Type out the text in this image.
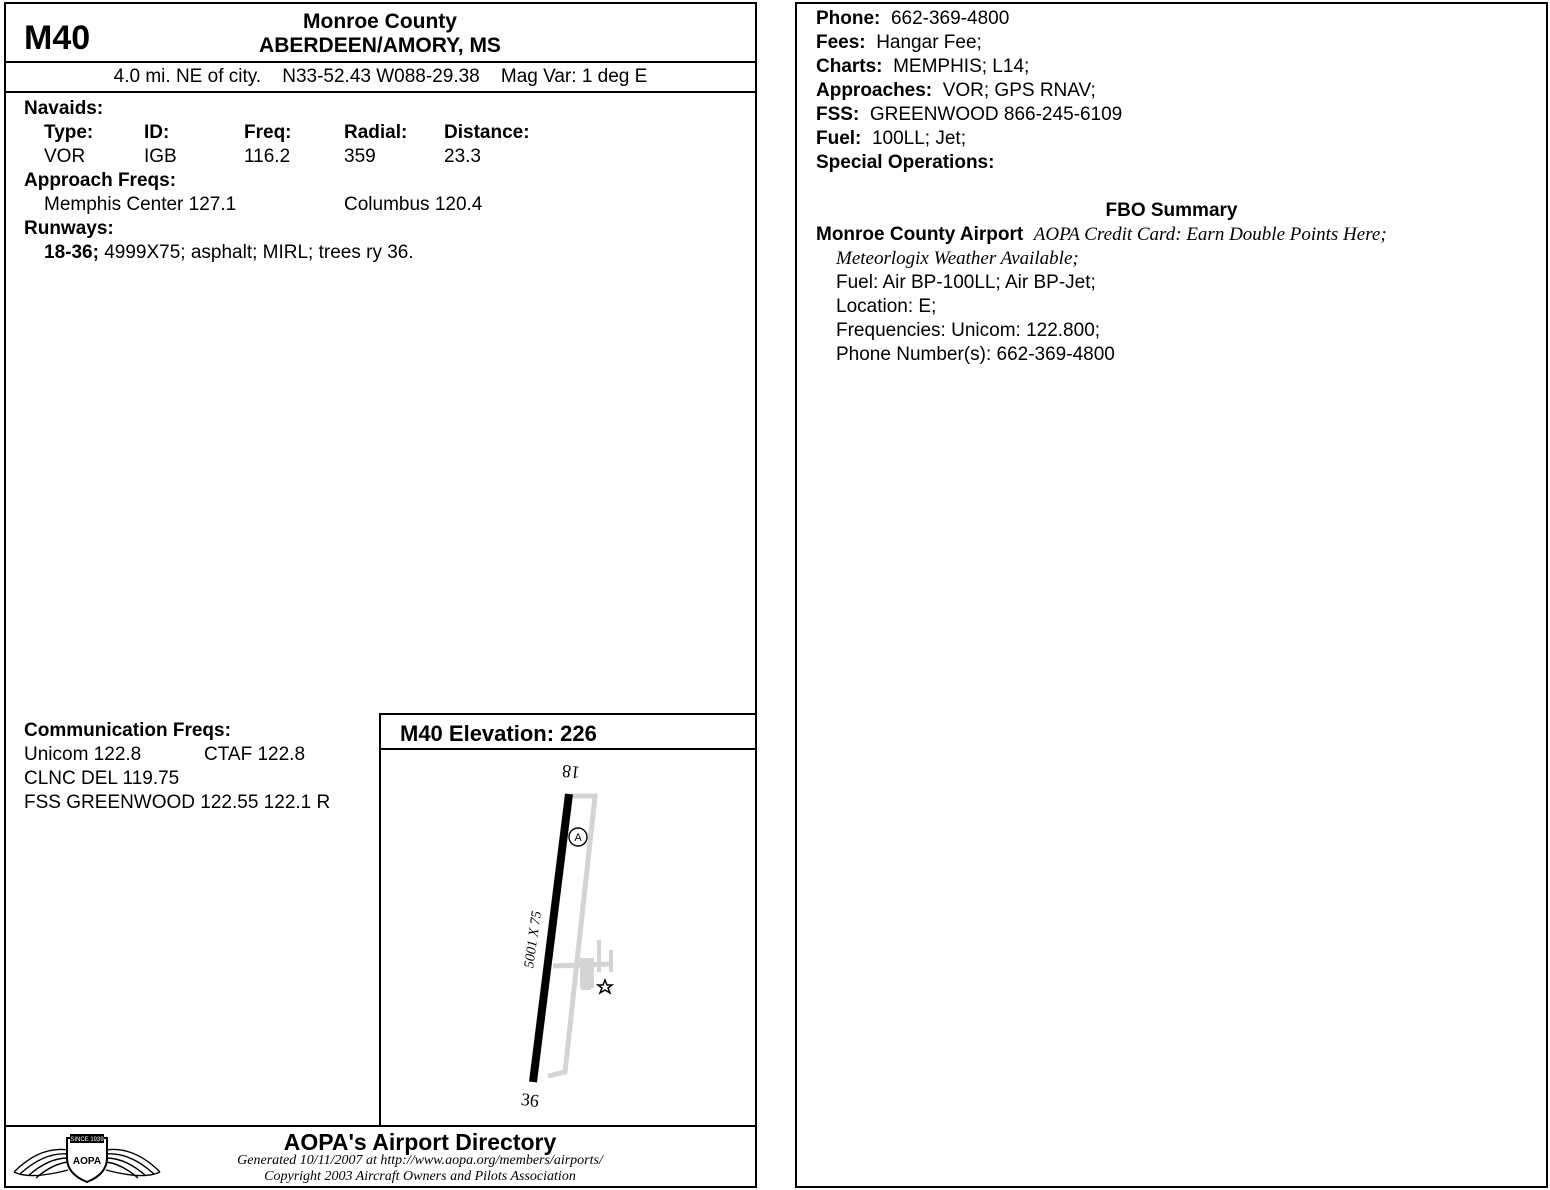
M40	Monroe County
ABERDEEN/AMORY, MS
4.0 mi. NE of city.    N33-52.43 W088-29.38    Mag Var: 1 deg E
Navaids:
Type:	ID:	Freq:	Radial: Distance:
VOR	IGB	116.2	359	23.3
Approach Freqs:
Memphis Center 127.1	Columbus 120.4
Runways:
18-36; 4999X75; asphalt; MIRL; trees ry 36.
Communication Freqs:
Unicom 122.8	CTAF 122.8
CLNC DEL 119.75
FSS GREENWOOD 122.55 122.1 R
M40 Elevation: 226
A
18
36
5001 X 75
SINCE 1939
AOPA
AOPA's Airport Directory
Generated 10/11/2007 at http://www.aopa.org/members/airports/
Copyright 2003 Aircraft Owners and Pilots Association
Phone: 662-369-4800
Fees: Hangar Fee;
Charts: MEMPHIS; L14;
Approaches: VOR; GPS RNAV;
FSS: GREENWOOD 866-245-6109
Fuel: 100LL; Jet;
Special Operations:
FBO Summary
Monroe County Airport AOPA Credit Card: Earn Double Points Here;
Meteorlogix Weather Available;
Fuel: Air BP-100LL; Air BP-Jet;
Location: E;
Frequencies: Unicom: 122.800;
Phone Number(s): 662-369-4800
